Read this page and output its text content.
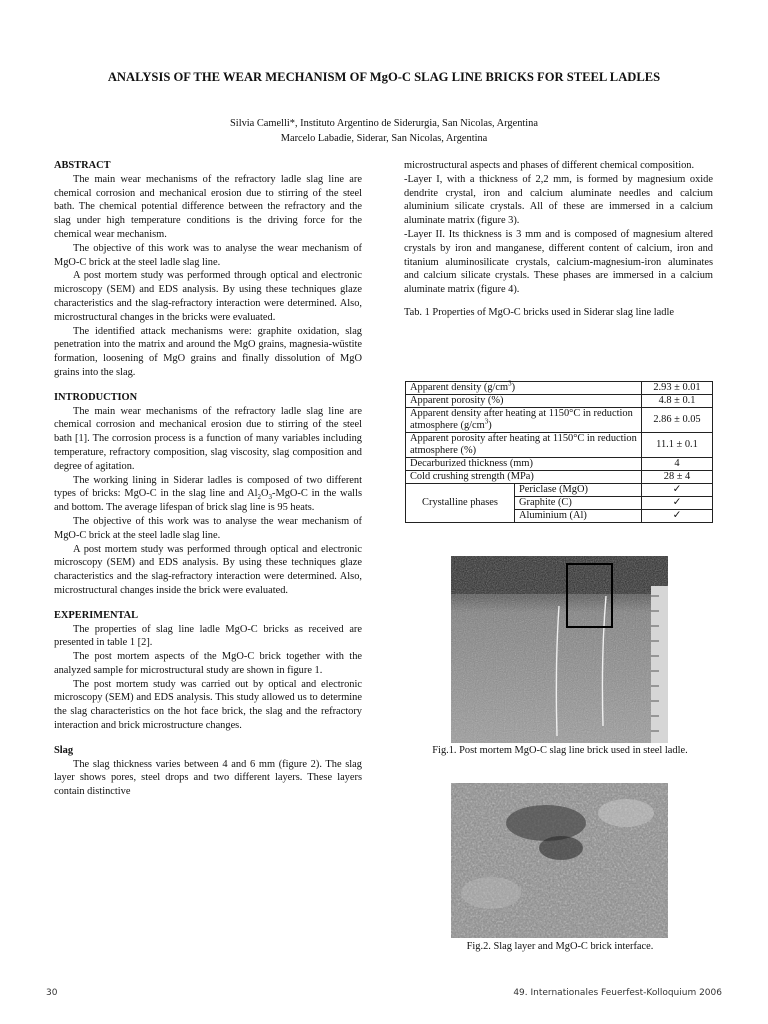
ANALYSIS OF THE WEAR MECHANISM OF MgO-C SLAG LINE BRICKS FOR STEEL LADLES
Silvia Camelli*, Instituto Argentino de Siderurgia, San Nicolas, Argentina
Marcelo Labadie, Siderar, San Nicolas, Argentina
ABSTRACT

The main wear mechanisms of the refractory ladle slag line are chemical corrosion and mechanical erosion due to stirring of the steel bath. The chemical potential difference between the refractory and the slag under high temperature conditions is the driving force for the chemical wear mechanism.

The objective of this work was to analyse the wear mechanism of MgO-C brick at the steel ladle slag line.

A post mortem study was performed through optical and electronic microscopy (SEM) and EDS analysis. By using these techniques glaze characteristics and the slag-refractory interaction were determined. Also, microstructural changes in the bricks were evaluated.

The identified attack mechanisms were: graphite oxidation, slag penetration into the matrix and around the MgO grains, magnesia-wüstite formation, loosening of MgO grains and finally dissolution of MgO grains into the slag.

INTRODUCTION

The main wear mechanisms of the refractory ladle slag line are chemical corrosion and mechanical erosion due to stirring of the steel bath [1]. The corrosion process is a function of many variables including temperature, refractory composition, slag viscosity, slag composition and degree of agitation.

The working lining in Siderar ladles is composed of two different types of bricks: MgO-C in the slag line and $Al_2O_3-MgO-C$ in the walls and bottom. The average lifespan of brick slag line is 95 heats.

The objective of this work was to analyse the wear mechanism of MgO-C brick at the steel ladle slag line.

A post mortem study was performed through optical and electronic microscopy (SEM) and EDS analysis. By using these techniques glaze characteristics and the slag-refractory interaction were determined. Also, microstructural changes inside the brick were evaluated.

EXPERIMENTAL

The properties of slag line ladle MgO-C bricks as received are presented in table 1 [2].

The post mortem aspects of the MgO-C brick together with the analyzed sample for microstructural study are shown in figure 1.

The post mortem study was carried out by optical and electronic microscopy (SEM) and EDS analysis. This study allowed us to determine the slag characteristics on the hot face brick, the slag and the refractory interaction and brick microstructure changes.

Slag

The slag thickness varies between 4 and 6 mm (figure 2). The slag layer shows pores, steel drops and two different layers. These layers contain distinctive

microstructural aspects and phases of different chemical composition.

-Layer I, with a thickness of 2,2 mm, is formed by magnesium oxide dendrite crystal, iron and calcium aluminate needles and calcium aluminium silicate crystals. All of these are immersed in a calcium aluminate matrix (figure 3).

-Layer II. Its thickness is 3 mm and is composed of magnesium altered crystals by iron and manganese, different content of calcium, iron and titanium aluminosilicate crystals, calcium-magnesium-iron aluminates and calcium silicate crystals. These phases are immersed in a calcium aluminate matrix (figure 4).

Tab. 1 Properties of MgO-C bricks used in Siderar slag line ladle

Apparent density $(g/cm^3)$		2.93 ± 0.01
Apparent porosity (%)		4.8 ± 0.1
Apparent density after heating at 1150°C in reduction atmosphere $(g/cm^3)$		2.86 ± 0.05
Apparent porosity after heating at 1150°C in reduction atmosphere (%)		11.1 ± 0.1
Decarburized thickness (mm)		4
Cold crushing strength (MPa)		28 ± 4
Crystalline phases	Periclase (MgO)	✓
	Graphite (C)	✓
	Aluminium (Al)	✓
Fig.1. Post mortem MgO-C slag line brick used in steel ladle.
Fig.2. Slag layer and MgO-C brick interface.
30	49. Internationales Feuerfest-Kolloquium 2006
